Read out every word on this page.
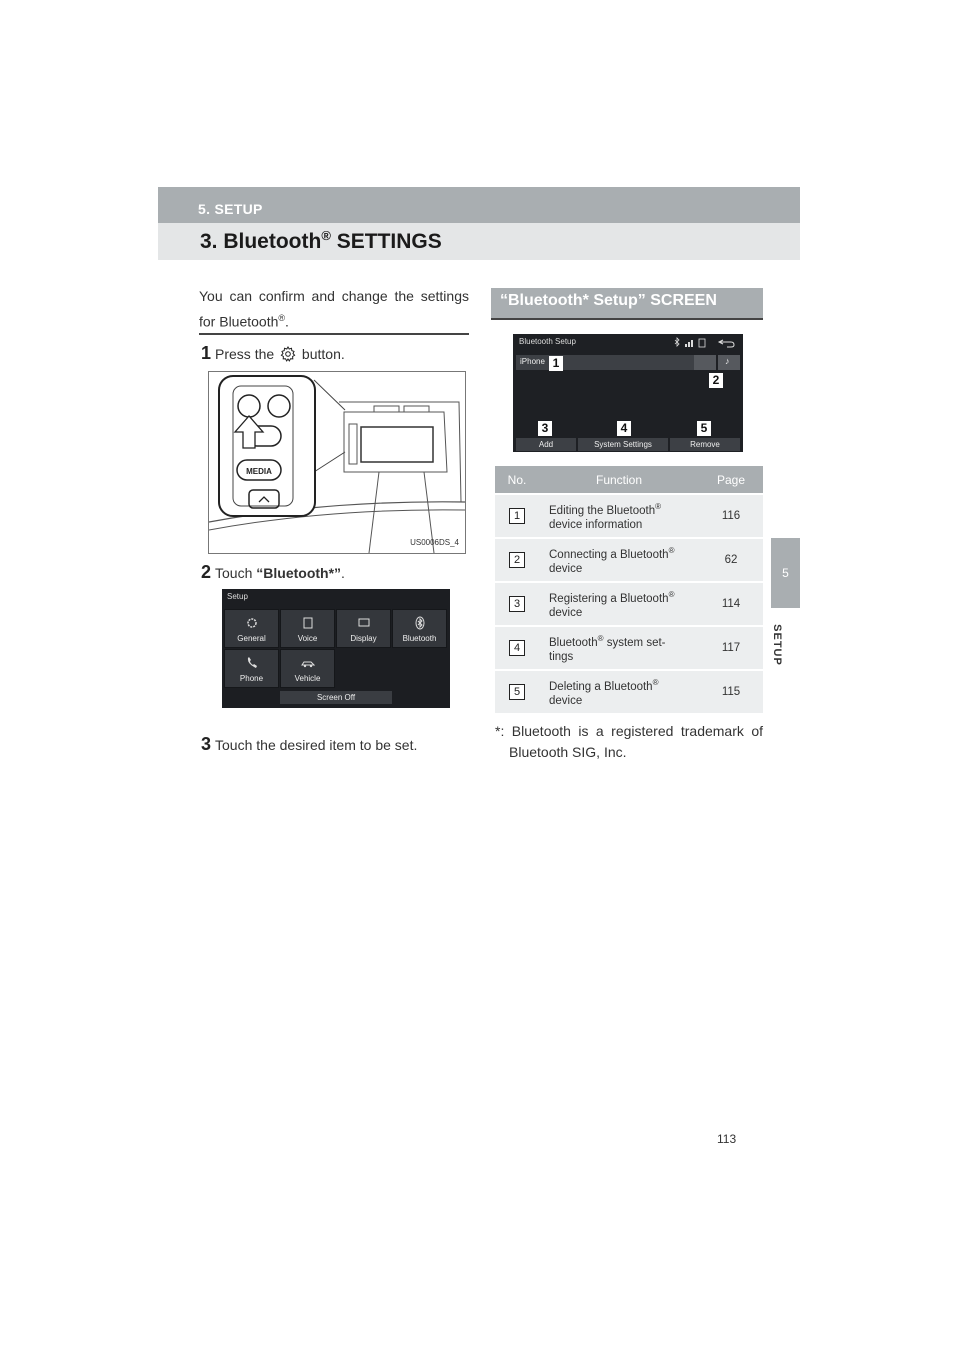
5. SETUP
3. Bluetooth® SETTINGS
5
SETUP
You can confirm and change the settings for Bluetooth®.
1 Press the  button.
MEDIA
US0006DS_4
2 Touch “Bluetooth*”.
Setup
General	Voice	Display	Bluetooth
Phone	Vehicle
Screen Off
3 Touch the desired item to be set.
“Bluetooth* Setup” SCREEN
Bluetooth Setup
iPhone	♪
1
2
3	4	5
Add	System Settings	Remove
No.	Function	Page
1	Editing the Bluetooth®
device information	116
2	Connecting a Bluetooth®
device	62
3	Registering a Bluetooth®
device	114
4	Bluetooth® system set-
tings	117
5	Deleting a Bluetooth®
device	115
*: Bluetooth is a registered trademark of
Bluetooth SIG, Inc.
113
